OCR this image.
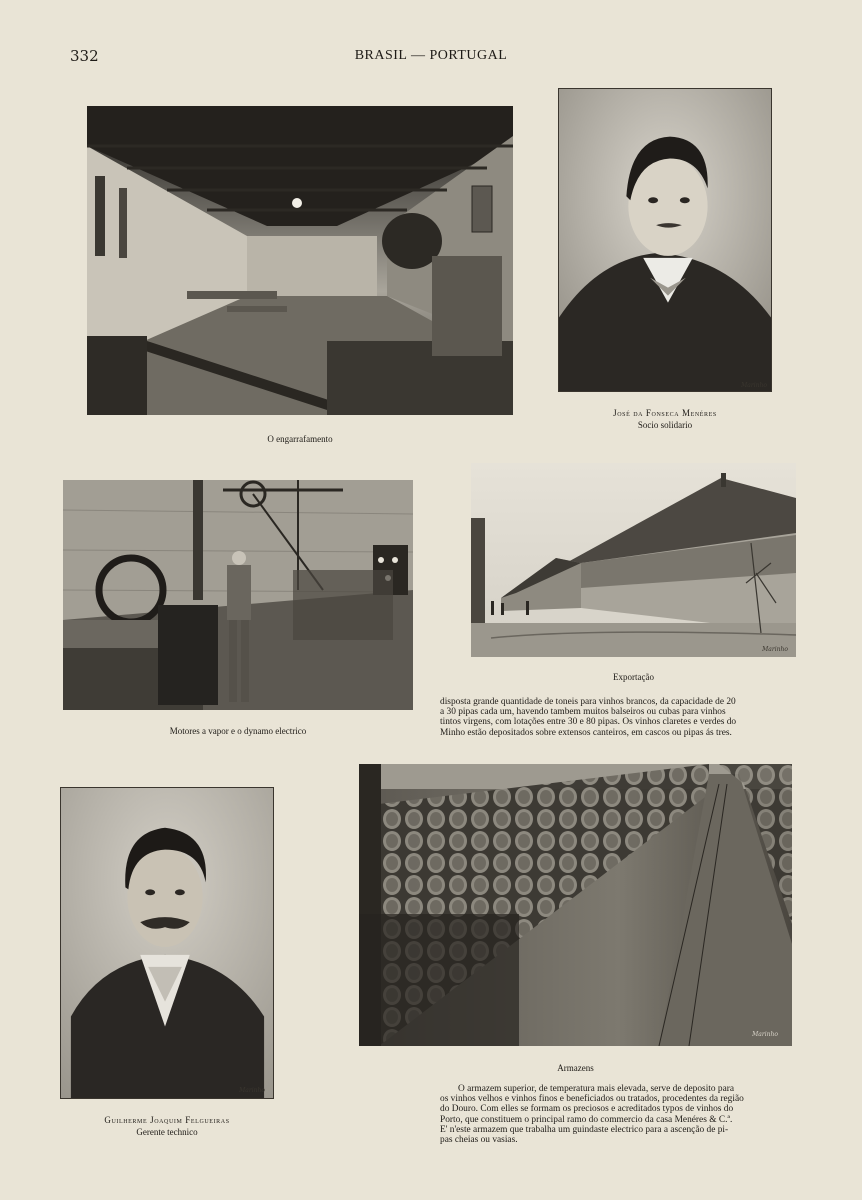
332	BRASIL — PORTUGAL
O engarrafamento
Marinho
José da Fonseca Menéres
Socio solidario
Motores a vapor e o dynamo electrico
Marinho
Exportação
disposta grande quantidade de toneis para vinhos brancos, da capacidade de 20
a 30 pipas cada um, havendo tambem muitos balseiros ou cubas para vinhos
tintos virgens, com lotações entre 30 e 80 pipas. Os vinhos claretes e verdes do
Minho estão depositados sobre extensos canteiros, em cascos ou pipas ás tres.
Marinho
Guilherme Joaquim Felgueiras
Gerente technico
Marinho
Armazens
O armazem superior, de temperatura mais elevada, serve de deposito para
os vinhos velhos e vinhos finos e beneficiados ou tratados, procedentes da região
do Douro. Com elles se formam os preciosos e acreditados typos de vinhos do
Porto, que constituem o principal ramo do commercio da casa Menéres & C.ª.
E' n'este armazem que trabalha um guindaste electrico para a ascenção de pi-
pas cheias ou vasias.
